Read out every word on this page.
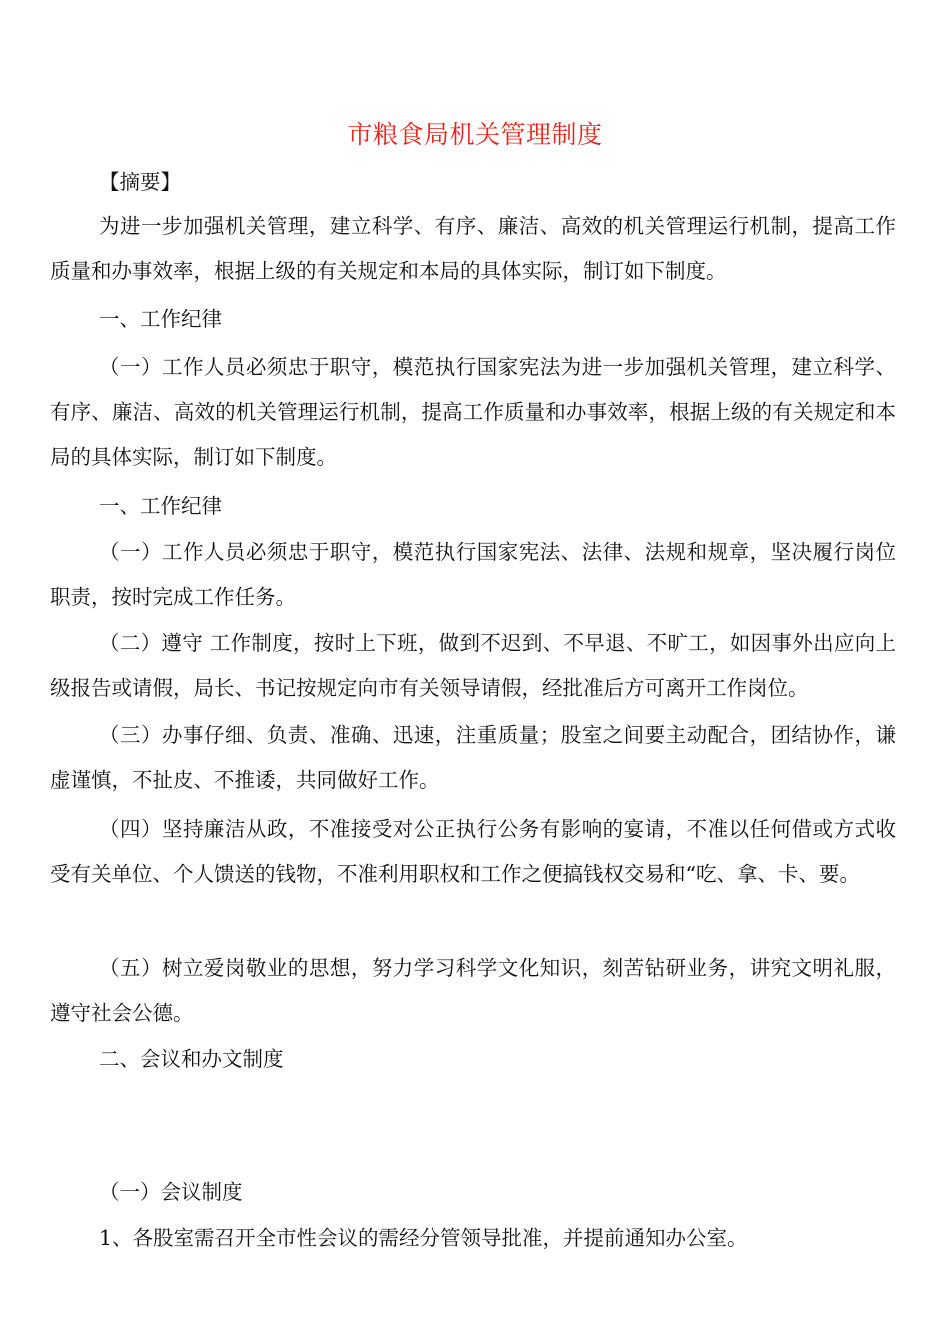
市粮食局机关管理制度
【摘要】

为进一步加强机关管理，建立科学、有序、廉洁、高效的机关管理运行机制，提高工作质量和办事效率，根据上级的有关规定和本局的具体实际，制订如下制度。

一、工作纪律

（一）工作人员必须忠于职守，模范执行国家宪法为进一步加强机关管理，建立科学、有序、廉洁、高效的机关管理运行机制，提高工作质量和办事效率，根据上级的有关规定和本局的具体实际，制订如下制度。

一、工作纪律

（一）工作人员必须忠于职守，模范执行国家宪法、法律、法规和规章，坚决履行岗位职责，按时完成工作任务。

（二）遵守 工作制度，按时上下班，做到不迟到、不早退、不旷工，如因事外出应向上级报告或请假，局长、书记按规定向市有关领导请假，经批准后方可离开工作岗位。

（三）办事仔细、负责、准确、迅速，注重质量；股室之间要主动配合，团结协作，谦虚谨慎，不扯皮、不推诿，共同做好工作。

（四）坚持廉洁从政，不准接受对公正执行公务有影响的宴请，不准以任何借或方式收受有关单位、个人馈送的钱物，不准利用职权和工作之便搞钱权交易和“吃、拿、卡、要。

（五）树立爱岗敬业的思想，努力学习科学文化知识，刻苦钻研业务，讲究文明礼服，遵守社会公德。

二、会议和办文制度
（一）会议制度
1、各股室需召开全市性会议的需经分管领导批准，并提前通知办公室。
